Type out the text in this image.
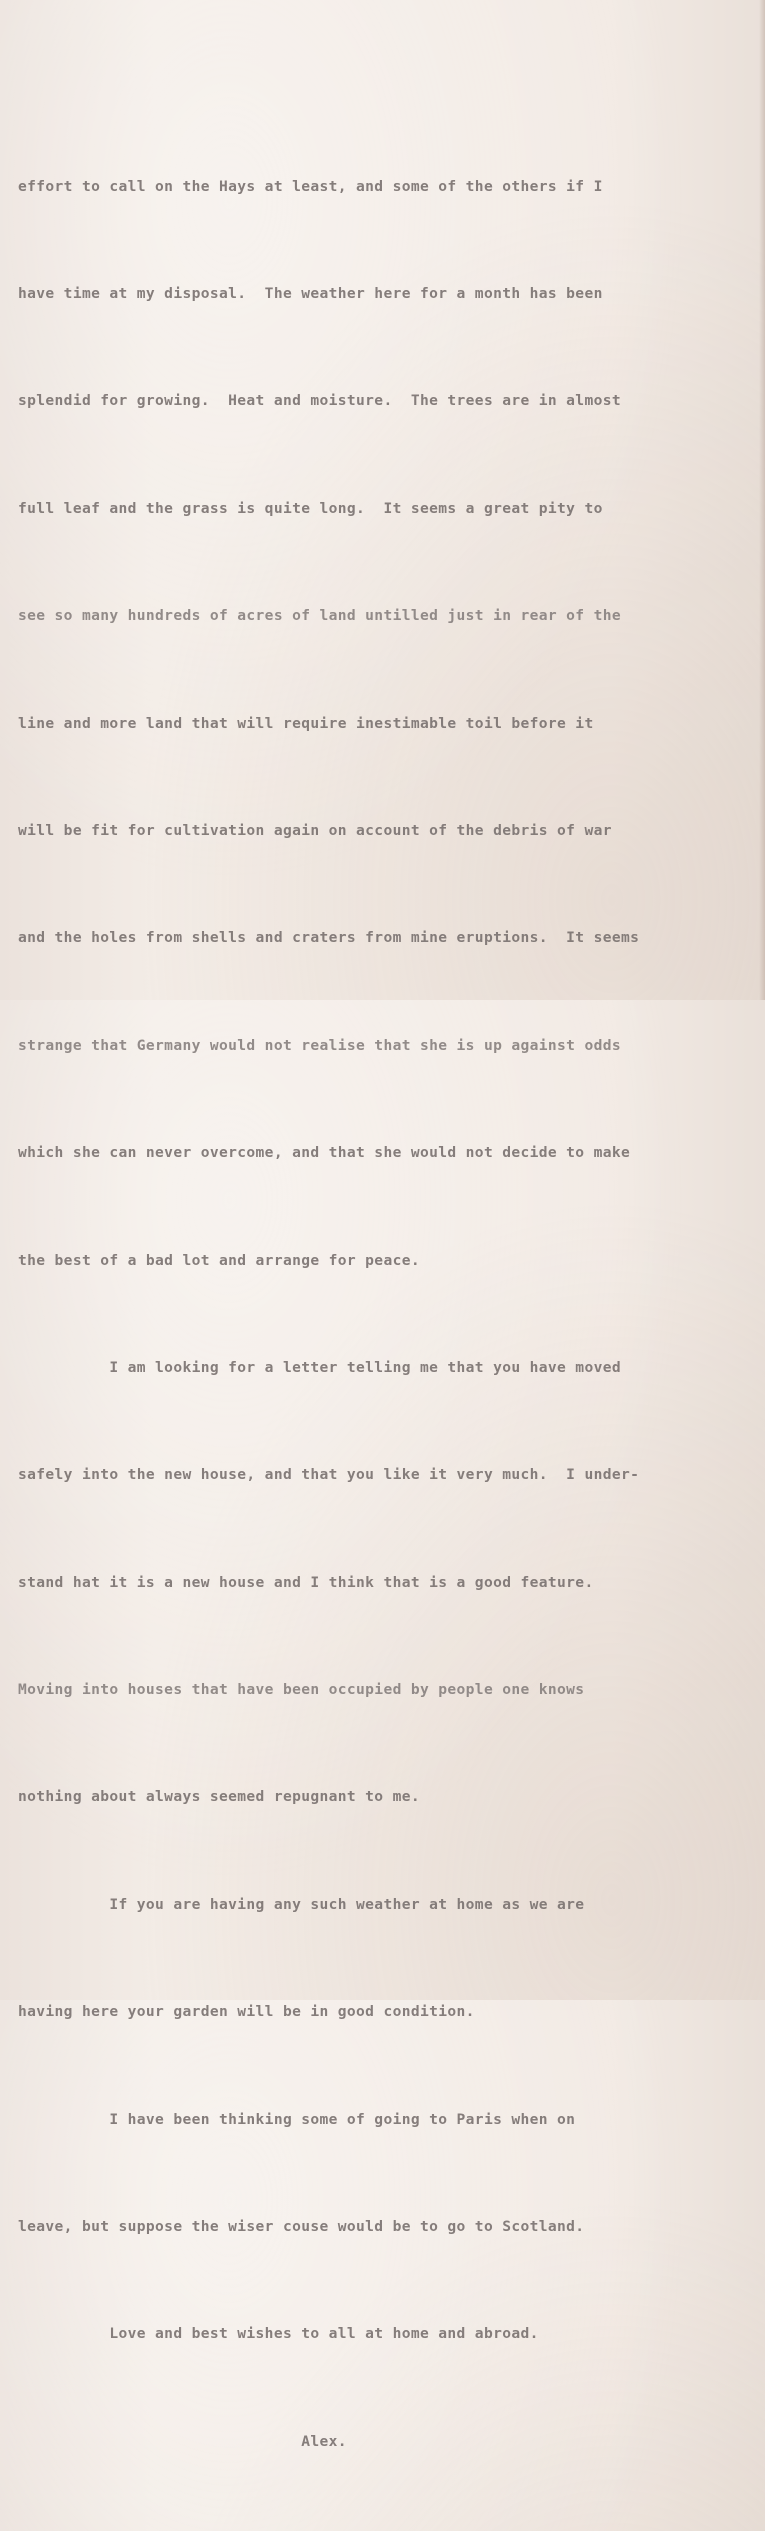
effort to call on the Hays at least, and some of the others if I

have time at my disposal.  The weather here for a month has been

splendid for growing.  Heat and moisture.  The trees are in almost

full leaf and the grass is quite long.  It seems a great pity to

see so many hundreds of acres of land untilled just in rear of the

line and more land that will require inestimable toil before it

will be fit for cultivation again on account of the debris of war

and the holes from shells and craters from mine eruptions.  It seems

strange that Germany would not realise that she is up against odds

which she can never overcome, and that she would not decide to make

the best of a bad lot and arrange for peace.

I am looking for a letter telling me that you have moved

safely into the new house, and that you like it very much.  I under-

stand hat it is a new house and I think that is a good feature.

Moving into houses that have been occupied by people one knows

nothing about always seemed repugnant to me.

If you are having any such weather at home as we are

having here your garden will be in good condition.

I have been thinking some of going to Paris when on

leave, but suppose the wiser couse would be to go to Scotland.

Love and best wishes to all at home and abroad.

Alex.
